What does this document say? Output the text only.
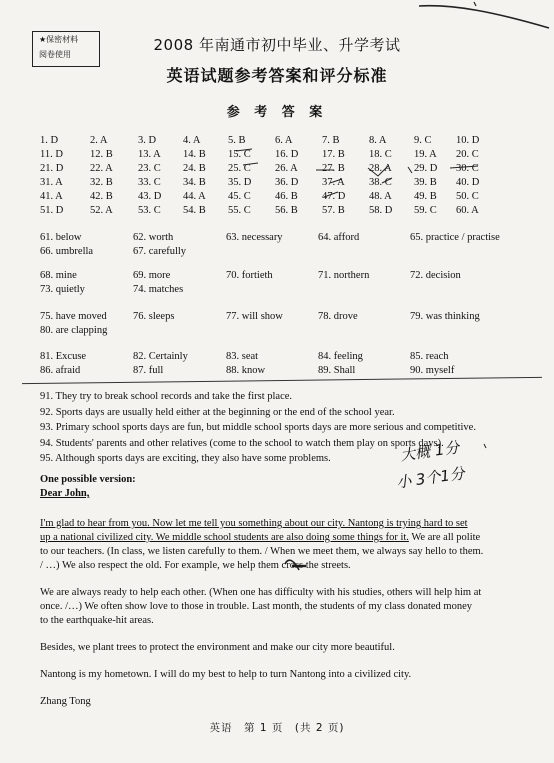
★保密材料
阅卷使用
2008 年南通市初中毕业、升学考试
英语试题参考答案和评分标准
参 考 答 案
1. D	2. A	3. D	4. A	5. B	6. A	7. B	8. A	9. C 10. D
11. D	12. B 13. A 14. B 15. C 16. D 17. B 18. C 19. A 20. C
21. D	22. A 23. C 24. B 25. C 26. A 27. B 28. A 29. D 30. C
31. A	32. B 33. C 34. B 35. D 36. D 37. A 38. C 39. B 40. D
41. A	42. B 43. D 44. A 45. C 46. B 47. D 48. A 49. B 50. C
51. D	52. A 53. C 54. B 55. C 56. B 57. B 58. D 59. C 60. A
61. below	62. worth	63. necessary	64. afford	65. practice / practise
66. umbrella	67. carefully
68. mine	69. more	70. fortieth	71. northern	72. decision
73. quietly	74. matches
75. have moved 76. sleeps	77. will show	78. drove	79. was thinking
80. are clapping
81. Excuse	82. Certainly	83. seat	84. feeling	85. reach
86. afraid	87. full	88. know	89. Shall	90. myself
91. They try to break school records and take the first place.
92. Sports days are usually held either at the beginning or the end of the school year.
93. Primary school sports days are fun, but middle school sports days are more serious and competitive.
94. Students' parents and other relatives (come to the school to watch them play on sports days).
95. Although sports days are exciting, they also have some problems.	大概 1分
小 3个1分
One possible version:
Dear John,

I'm glad to hear from you. Now let me tell you something about our city. Nantong is trying hard to set
up a national civilized city. We middle school students are also doing some things for it. We are all polite
to our teachers. (In class, we listen carefully to them. / When we meet them, we always say hello to them.
/ …) We also respect the old. For example, we help them cross the streets.

We are always ready to help each other. (When one has difficulty with his studies, others will help him at
once. /…) We often show love to those in trouble. Last month, the students of my class donated money
to the earthquake-hit areas.

Besides, we plant trees to protect the environment and make our city more beautiful.

Nantong is my hometown. I will do my best to help to turn Nantong into a civilized city.

Zhang Tong

英语　第 1 页　(共 2 页)
